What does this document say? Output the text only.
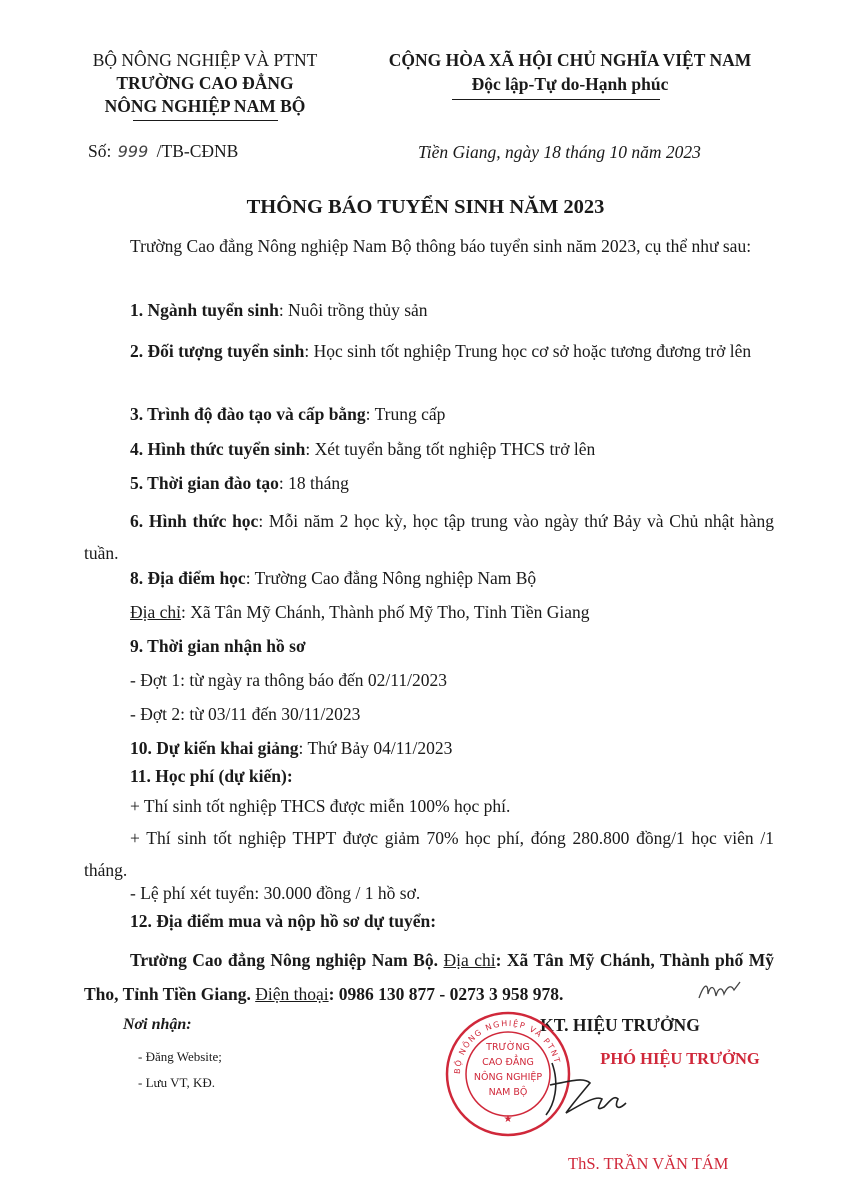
BỘ NÔNG NGHIỆP VÀ PTNT
TRƯỜNG CAO ĐẲNG
NÔNG NGHIỆP NAM BỘ
CỘNG HÒA XÃ HỘI CHỦ NGHĨA VIỆT NAM
Độc lập-Tự do-Hạnh phúc
Số: 999 /TB-CĐNB	Tiền Giang, ngày 18 tháng 10 năm 2023
THÔNG BÁO TUYỂN SINH NĂM 2023
Trường Cao đẳng Nông nghiệp Nam Bộ thông báo tuyển sinh năm 2023, cụ thể như sau:
1. Ngành tuyển sinh: Nuôi trồng thủy sản
2. Đối tượng tuyển sinh: Học sinh tốt nghiệp Trung học cơ sở hoặc tương đương trở lên
3. Trình độ đào tạo và cấp bằng: Trung cấp
4. Hình thức tuyển sinh: Xét tuyển bằng tốt nghiệp THCS trở lên
5. Thời gian đào tạo: 18 tháng
6. Hình thức học: Mỗi năm 2 học kỳ, học tập trung vào ngày thứ Bảy và Chủ nhật hàng tuần.
8. Địa điểm học: Trường Cao đẳng Nông nghiệp Nam Bộ
Địa chỉ: Xã Tân Mỹ Chánh, Thành phố Mỹ Tho, Tỉnh Tiền Giang
9. Thời gian nhận hồ sơ
- Đợt 1: từ ngày ra thông báo đến 02/11/2023
- Đợt 2: từ 03/11 đến 30/11/2023
10. Dự kiến khai giảng: Thứ Bảy 04/11/2023
11. Học phí (dự kiến):
+ Thí sinh tốt nghiệp THCS được miễn 100% học phí.
+ Thí sinh tốt nghiệp THPT được giảm 70% học phí, đóng 280.800 đồng/1 học viên /1 tháng.
- Lệ phí xét tuyển: 30.000 đồng / 1 hồ sơ.
12. Địa điểm mua và nộp hồ sơ dự tuyển:
Trường Cao đẳng Nông nghiệp Nam Bộ. Địa chỉ: Xã Tân Mỹ Chánh, Thành phố Mỹ Tho, Tỉnh Tiền Giang. Điện thoại: 0986 130 877 - 0273 3 958 978.
Nơi nhận:
- Đăng Website;
- Lưu VT, KĐ.
KT. HIỆU TRƯỞNG
PHÓ HIỆU TRƯỞNG
BỘ NÔNG NGHIỆP VÀ PTNT
★
TRƯỜNG
CAO ĐẲNG
NÔNG NGHIỆP
NAM BỘ
ThS. TRẦN VĂN TÁM
